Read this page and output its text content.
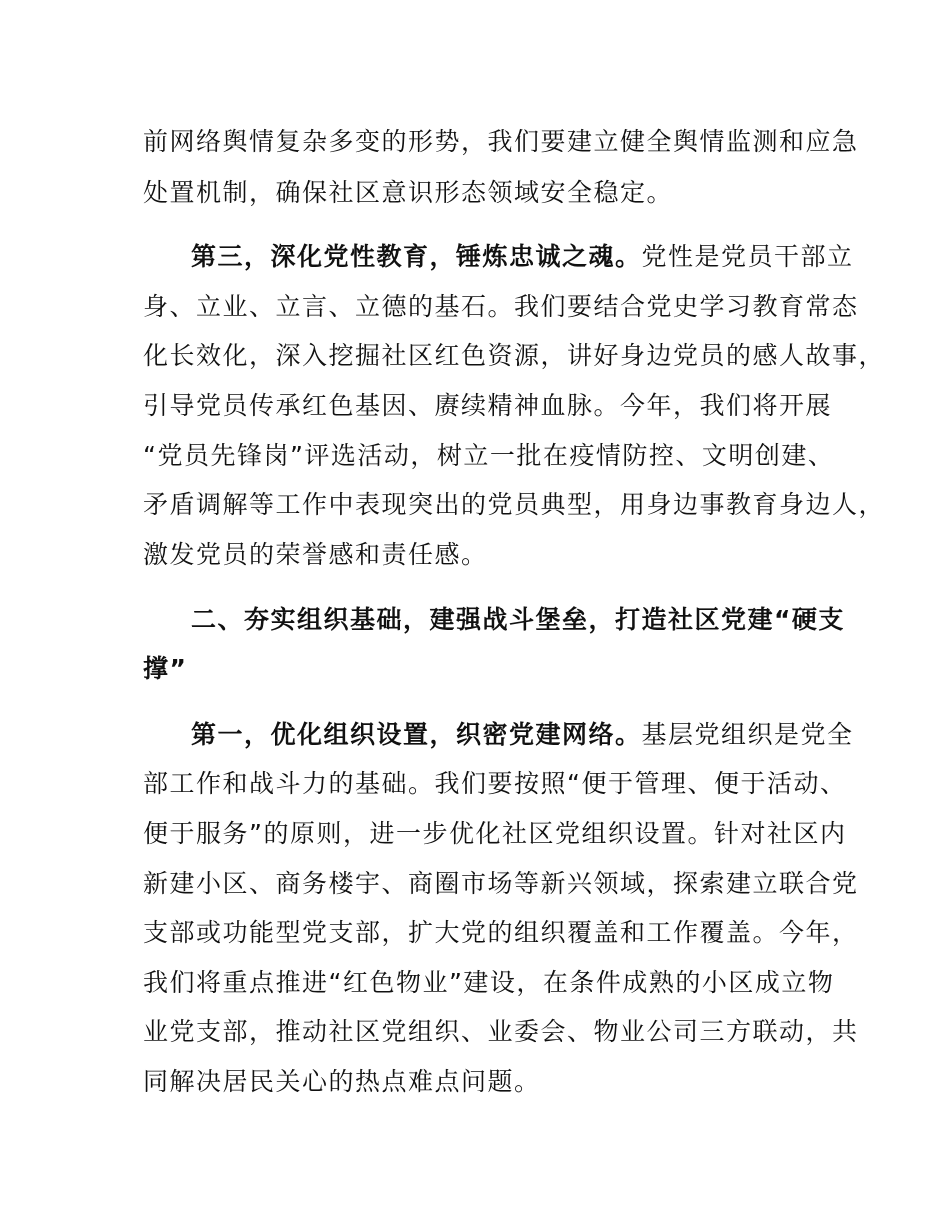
前网络舆情复杂多变的形势，我们要建立健全舆情监测和应急
处置机制，确保社区意识形态领域安全稳定。
第三，深化党性教育，锤炼忠诚之魂。党性是党员干部立
身、立业、立言、立德的基石。我们要结合党史学习教育常态
化长效化，深入挖掘社区红色资源，讲好身边党员的感人故事，
引导党员传承红色基因、赓续精神血脉。今年，我们将开展
“党员先锋岗”评选活动，树立一批在疫情防控、文明创建、
矛盾调解等工作中表现突出的党员典型，用身边事教育身边人，
激发党员的荣誉感和责任感。
二、夯实组织基础，建强战斗堡垒，打造社区党建“硬支
撑”
第一，优化组织设置，织密党建网络。基层党组织是党全
部工作和战斗力的基础。我们要按照“便于管理、便于活动、
便于服务”的原则，进一步优化社区党组织设置。针对社区内
新建小区、商务楼宇、商圈市场等新兴领域，探索建立联合党
支部或功能型党支部，扩大党的组织覆盖和工作覆盖。今年，
我们将重点推进“红色物业”建设，在条件成熟的小区成立物
业党支部，推动社区党组织、业委会、物业公司三方联动，共
同解决居民关心的热点难点问题。
